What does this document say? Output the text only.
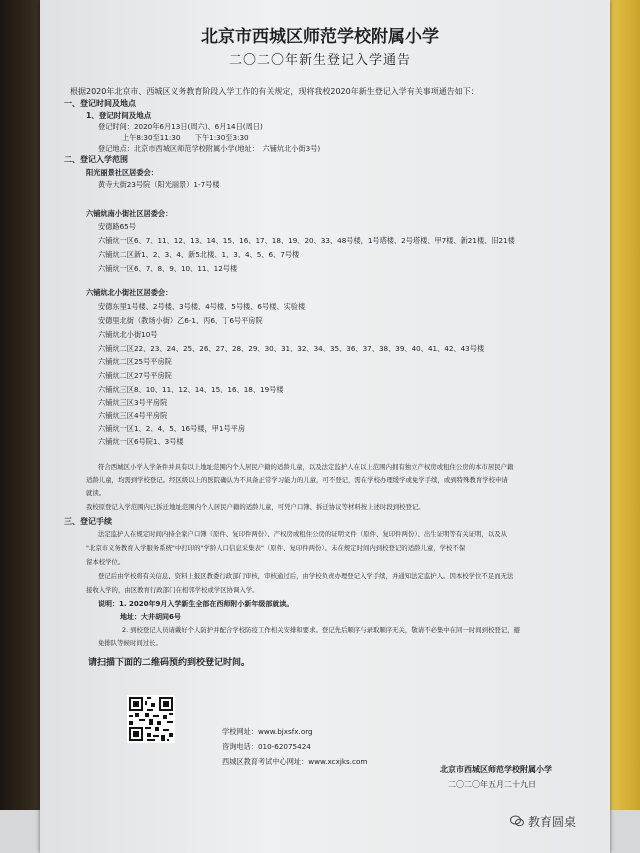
北京市西城区师范学校附属小学
二〇二〇年新生登记入学通告
根据2020年北京市、西城区义务教育阶段入学工作的有关规定，现将我校2020年新生登记入学有关事项通告如下：
一、登记时间及地点
1、登记时间及地点
登记时间：2020年6月13日(周六)、6月14日(周日)
上午8:30至11:30　　下午1:30至3:30
登记地点：北京市西城区师范学校附属小学(地址：　六铺炕北小街3号)
二、登记入学范围
阳光丽景社区居委会：
黄寺大街23号院（阳光丽景）1-7号楼
六铺炕南小街社区居委会：
安德路65号
六铺炕一区6、7、11、12、13、14、15、16、17、18、19、20、33、48号楼，1号塔楼、2号塔楼、甲7楼、新21楼、旧21楼
六铺炕二区新1、2、3、4、新5北楼、1、3、4、5、6、7号楼
六铺炕一区6、7、8、9、10、11、12号楼
六铺炕北小街社区居委会：
安德东里1号楼、2号楼、3号楼、4号楼、5号楼、6号楼、实验楼
安德里北街（教场小街）乙6-1、丙6、丁6号平房院
六铺炕北小街10号
六铺炕二区22、23、24、25、26、27、28、29、30、31、32、34、35、36、37、38、39、40、41、42、43号楼
六铺炕二区25号平房院
六铺炕二区27号平房院
六铺炕三区8、10、11、12、14、15、16、18、19号楼
六铺炕三区3号平房院
六铺炕三区4号平房院
六铺炕一区1、2、4、5、16号楼，甲1号平房
六铺炕一区6号院1、3号楼
符合西城区小学入学条件并具有以上地址范围内个人居民户籍的适龄儿童，以及法定监护人在以上范围内拥有独立产权房或租住公房的本市居民户籍
适龄儿童，均需到学校登记。经区级以上的医院确认为不具备正常学习能力的儿童，可不登记，需在学校办理缓学或免学手续，或到特殊教育学校申请
就读。
我校原登记入学范围内已拆迁地址范围内个人居民户籍的适龄儿童，可凭户口簿、拆迁协议等材料按上述时段到校登记。
三、登记手续
法定监护人在规定时间内持全家户口簿（原件、复印件两份）、产权房或租住公房的证明文件（原件、复印件两份）、出生证明等有关证明，以及从
"北京市义务教育入学服务系统"中打印的"学龄人口信息采集表"（原件、复印件两份）。未在规定时间内到校登记的适龄儿童，学校不保
留本校学位。
登记后由学校将有关信息、资料上报区教委行政部门审核，审核通过后，由学校负责办理登记入学手续，并通知法定监护人。因本校学位不足而无法
接收入学的，由区教育行政部门在相邻学校或学区协调入学。
说明：1. 2020年9月入学新生全部在西师附小新年级部就读。
地址：大井胡同6号
2. 到校登记人员请戴好个人防护并配合学校防疫工作相关安排和要求。登记先后顺序与录取顺序无关，敬请不必集中在同一时间到校登记，避
免排队等候时间过长。
请扫描下面的二维码预约到校登记时间。
学校网址：www.bjxsfx.org
咨询电话：010-62075424
西城区教育考试中心网址：www.xcxjks.com
北京市西城区师范学校附属小学
二〇二〇年五月二十九日
教育圆桌
